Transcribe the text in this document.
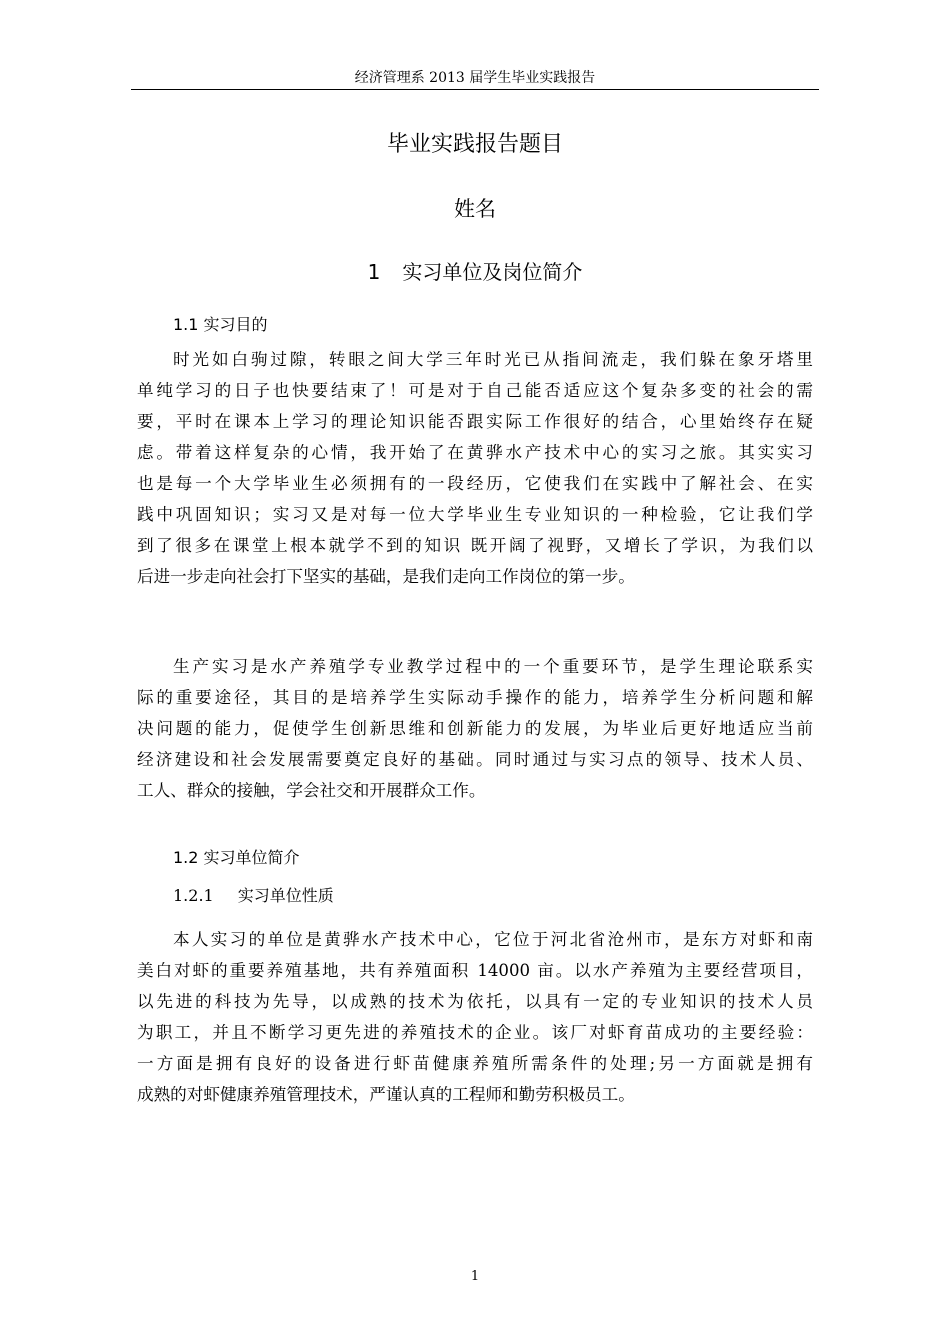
经济管理系 2013 届学生毕业实践报告
毕业实践报告题目
姓名
1 实习单位及岗位简介
1.1 实习目的
时光如白驹过隙，转眼之间大学三年时光已从指间流走，我们躲在象牙塔里
单纯学习的日子也快要结束了！可是对于自己能否适应这个复杂多变的社会的需
要，平时在课本上学习的理论知识能否跟实际工作很好的结合，心里始终存在疑
虑。带着这样复杂的心情，我开始了在黄骅水产技术中心的实习之旅。其实实习
也是每一个大学毕业生必须拥有的一段经历，它使我们在实践中了解社会、在实
践中巩固知识；实习又是对每一位大学毕业生专业知识的一种检验，它让我们学
到了很多在课堂上根本就学不到的知识 既开阔了视野，又增长了学识，为我们以
后进一步走向社会打下坚实的基础，是我们走向工作岗位的第一步。
生产实习是水产养殖学专业教学过程中的一个重要环节，是学生理论联系实
际的重要途径，其目的是培养学生实际动手操作的能力，培养学生分析问题和解
决问题的能力，促使学生创新思维和创新能力的发展，为毕业后更好地适应当前
经济建设和社会发展需要奠定良好的基础。同时通过与实习点的领导、技术人员、
工人、群众的接触，学会社交和开展群众工作。
1.2 实习单位简介
1.2.1 实习单位性质
本人实习的单位是黄骅水产技术中心，它位于河北省沧州市，是东方对虾和南
美白对虾的重要养殖基地，共有养殖面积 14000 亩。以水产养殖为主要经营项目，
以先进的科技为先导，以成熟的技术为依托，以具有一定的专业知识的技术人员
为职工，并且不断学习更先进的养殖技术的企业。该厂对虾育苗成功的主要经验：
一方面是拥有良好的设备进行虾苗健康养殖所需条件的处理;另一方面就是拥有
成熟的对虾健康养殖管理技术，严谨认真的工程师和勤劳积极员工。
1
